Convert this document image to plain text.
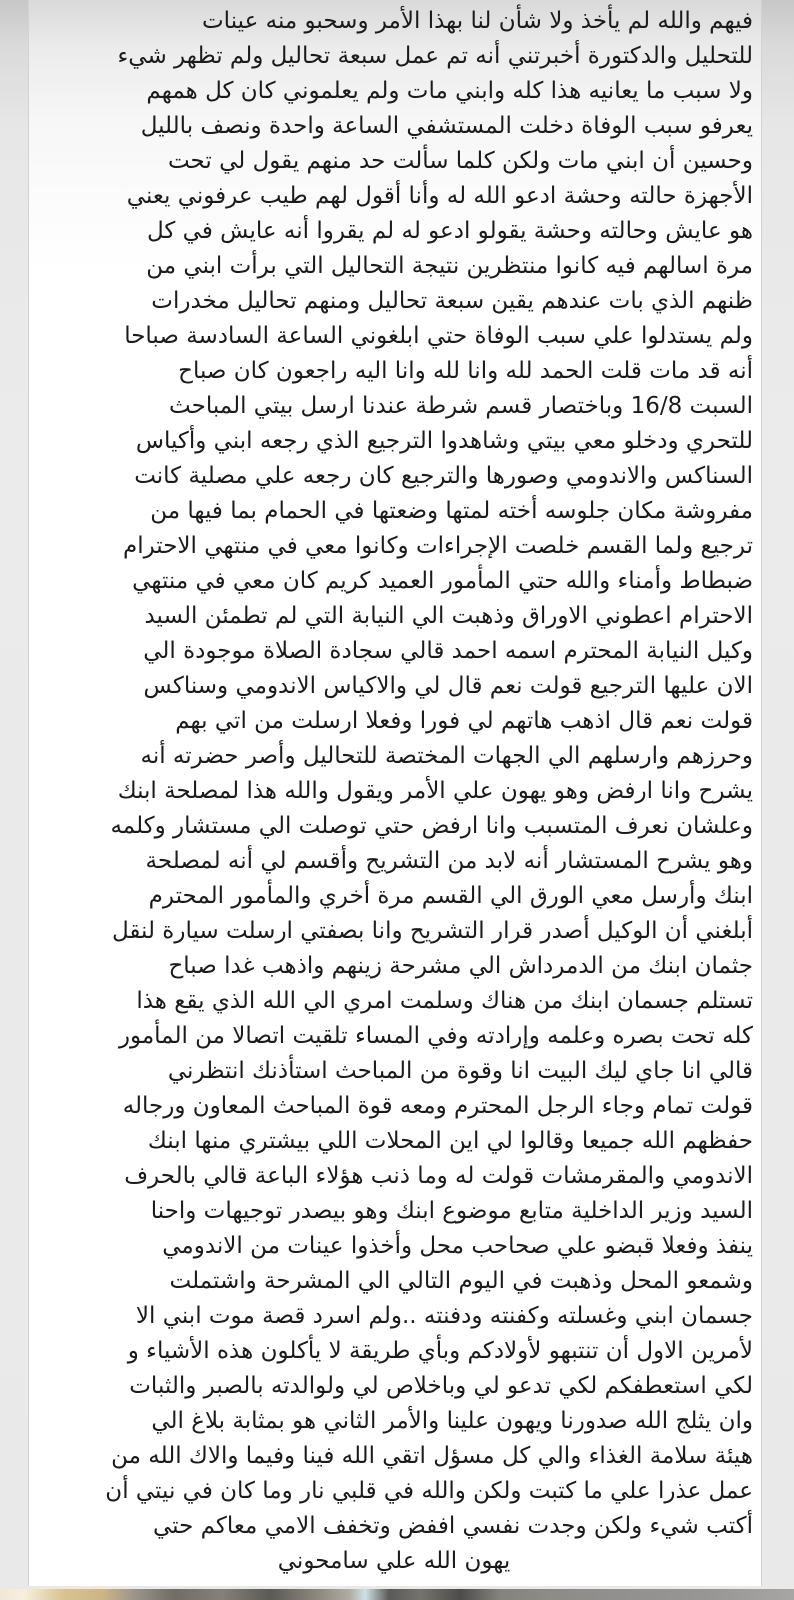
فيهم والله لم يأخذ ولا شأن لنا بهذا الأمر وسحبو منه عينات
للتحليل والدكتورة أخبرتني أنه تم عمل سبعة تحاليل ولم تظهر شيء
ولا سبب ما يعانيه هذا كله وابني مات ولم يعلموني كان كل همهم
يعرفو سبب الوفاة دخلت المستشفي الساعة واحدة ونصف بالليل
وحسين أن ابني مات ولكن كلما سألت حد منهم يقول لي تحت
الأجهزة حالته وحشة ادعو الله له وأنا أقول لهم طيب عرفوني يعني
هو عايش وحالته وحشة يقولو ادعو له لم يقروا أنه عايش في كل
مرة اسالهم فيه كانوا منتظرين نتيجة التحاليل التي برأت ابني من
ظنهم الذي بات عندهم يقين سبعة تحاليل ومنهم تحاليل مخدرات
ولم يستدلوا علي سبب الوفاة حتي ابلغوني الساعة السادسة صباحا
أنه قد مات قلت الحمد لله وانا لله وانا اليه راجعون كان صباح
السبت 16/8 وباختصار قسم شرطة عندنا ارسل بيتي المباحث
للتحري ودخلو معي بيتي وشاهدوا الترجيع الذي رجعه ابني وأكياس
السناكس والاندومي وصورها والترجيع كان رجعه علي مصلية كانت
مفروشة مكان جلوسه أخته لمتها وضعتها في الحمام بما فيها من
ترجيع ولما القسم خلصت الإجراءات وكانوا معي في منتهي الاحترام
ضبطاط وأمناء والله حتي المأمور العميد كريم كان معي في منتهي
الاحترام اعطوني الاوراق وذهبت الي النيابة التي لم تطمئن السيد
وكيل النيابة المحترم اسمه احمد قالي سجادة الصلاة موجودة الي
الان عليها الترجيع قولت نعم قال لي والاكياس الاندومي وسناكس
قولت نعم قال اذهب هاتهم لي فورا وفعلا ارسلت من اتي بهم
وحرزهم وارسلهم الي الجهات المختصة للتحاليل وأصر حضرته أنه
يشرح وانا ارفض وهو يهون علي الأمر ويقول والله هذا لمصلحة ابنك
وعلشان نعرف المتسبب وانا ارفض حتي توصلت الي مستشار وكلمه
وهو يشرح المستشار أنه لابد من التشريح وأقسم لي أنه لمصلحة
ابنك وأرسل معي الورق الي القسم مرة أخري والمأمور المحترم
أبلغني أن الوكيل أصدر قرار التشريح وانا بصفتي ارسلت سيارة لنقل
جثمان ابنك من الدمرداش الي مشرحة زينهم واذهب غدا صباح
تستلم جسمان ابنك من هناك وسلمت امري الي الله الذي يقع هذا
كله تحت بصره وعلمه وإرادته وفي المساء تلقيت اتصالا من المأمور
قالي انا جاي ليك البيت انا وقوة من المباحث استأذنك انتظرني
قولت تمام وجاء الرجل المحترم ومعه قوة المباحث المعاون ورجاله
حفظهم الله جميعا وقالوا لي اين المحلات اللي بيشتري منها ابنك
الاندومي والمقرمشات قولت له وما ذنب هؤلاء الباعة قالي بالحرف
السيد وزير الداخلية متابع موضوع ابنك وهو بيصدر توجيهات واحنا
ينفذ وفعلا قبضو علي صحاحب محل وأخذوا عينات من الاندومي
وشمعو المحل وذهبت في اليوم التالي الي المشرحة واشتملت
جسمان ابني وغسلته وكفنته ودفنته ..ولم اسرد قصة موت ابني الا
لأمرين الاول أن تنتبهو لأولادكم وبأي طريقة لا يأكلون هذه الأشياء و
لكي استعطفكم لكي تدعو لي وباخلاص لي ولوالدته بالصبر والثبات
وان يثلج الله صدورنا ويهون علينا والأمر الثاني هو بمثابة بلاغ الي
هيئة سلامة الغذاء والي كل مسؤل اتقي الله فينا وفيما والاك الله من
عمل عذرا علي ما كتبت ولكن والله في قلبي نار وما كان في نيتي أن
أكتب شيء ولكن وجدت نفسي اففض وتخفف الامي معاكم حتي
يهون الله علي سامحوني
